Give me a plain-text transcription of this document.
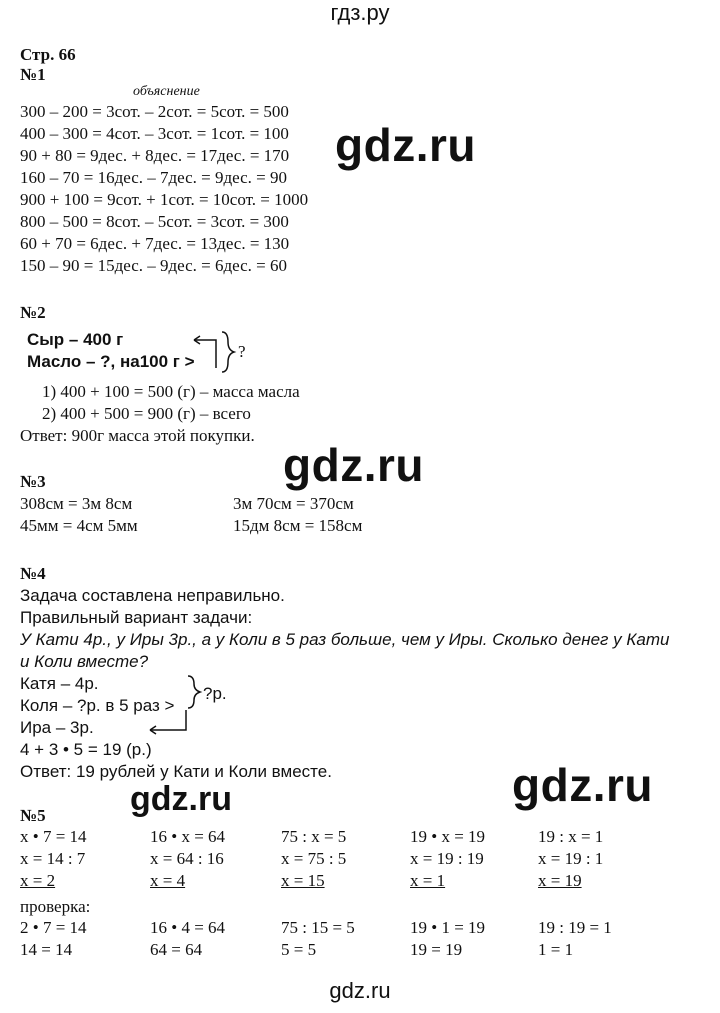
гдз.ру
gdz.ru
gdz.ru
gdz.ru
gdz.ru
gdz.ru
Стр. 66
№1
объяснение
300 – 200 = 3сот. – 2сот. = 5сот. = 500
400 – 300 = 4сот. – 3сот. = 1сот. = 100
90 + 80 = 9дес. + 8дес. = 17дес. = 170
160 – 70 = 16дес. – 7дес. = 9дес. = 90
900 + 100 = 9сот. + 1сот. = 10сот. = 1000
800 – 500 = 8сот. – 5сот. = 3сот. = 300
60 + 70 = 6дес. + 7дес. = 13дес. = 130
150 – 90 = 15дес. – 9дес. = 6дес. = 60
№2
Сыр – 400 г
Масло – ?, на100 г >
?
1) 400 + 100 = 500 (г) – масса масла
2) 400 + 500 = 900 (г) – всего
Ответ: 900г масса этой покупки.
№3
308см = 3м 8см
45мм = 4см 5мм
3м 70см = 370см
15дм 8см = 158см
№4
Задача составлена неправильно.
Правильный вариант задачи:
У Кати 4р., у Иры 3р., а у Коли в 5 раз больше, чем у Иры. Сколько денег у Кати
и Коли вместе?
Катя – 4р.
Коля – ?р. в 5 раз >
Ира – 3р.
?р.
4 + 3 • 5 = 19 (р.)
Ответ: 19 рублей у Кати и Коли вместе.
№5
x • 7 = 14
x = 14 : 7
x = 2
16 • x = 64
x = 64 : 16
x = 4
75 : x = 5
x = 75 : 5
x = 15
19 • x = 19
x = 19 : 19
x = 1
19 : x = 1
x = 19 : 1
x = 19
проверка:
2 • 7 = 14
14 = 14
16 • 4 = 64
64 = 64
75 : 15 = 5
5 = 5
19 • 1 = 19
19 = 19
19 : 19 = 1
1 = 1
